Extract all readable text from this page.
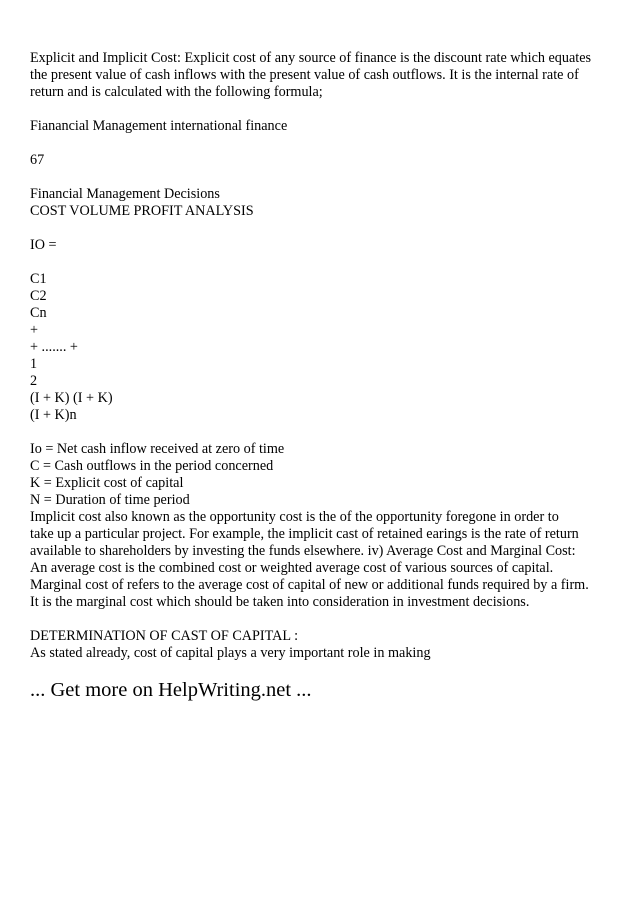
Explicit and Implicit Cost: Explicit cost of any source of finance is the discount rate which equates
the present value of cash inflows with the present value of cash outflows. It is the internal rate of
return and is calculated with the following formula;
Fianancial Management international finance
67
Financial Management Decisions
COST VOLUME PROFIT ANALYSIS
IO =
C1
C2
Cn
+
+ ....... +
1
2
(I + K) (I + K)
(I + K)n
Io = Net cash inflow received at zero of time
C = Cash outflows in the period concerned
K = Explicit cost of capital
N = Duration of time period
Implicit cost also known as the opportunity cost is the of the opportunity foregone in order to
take up a particular project. For example, the implicit cast of retained earings is the rate of return
available to shareholders by investing the funds elsewhere. iv) Average Cost and Marginal Cost:
An average cost is the combined cost or weighted average cost of various sources of capital.
Marginal cost of refers to the average cost of capital of new or additional funds required by a firm.
It is the marginal cost which should be taken into consideration in investment decisions.
DETERMINATION OF CAST OF CAPITAL :
As stated already, cost of capital plays a very important role in making
... Get more on HelpWriting.net ...
